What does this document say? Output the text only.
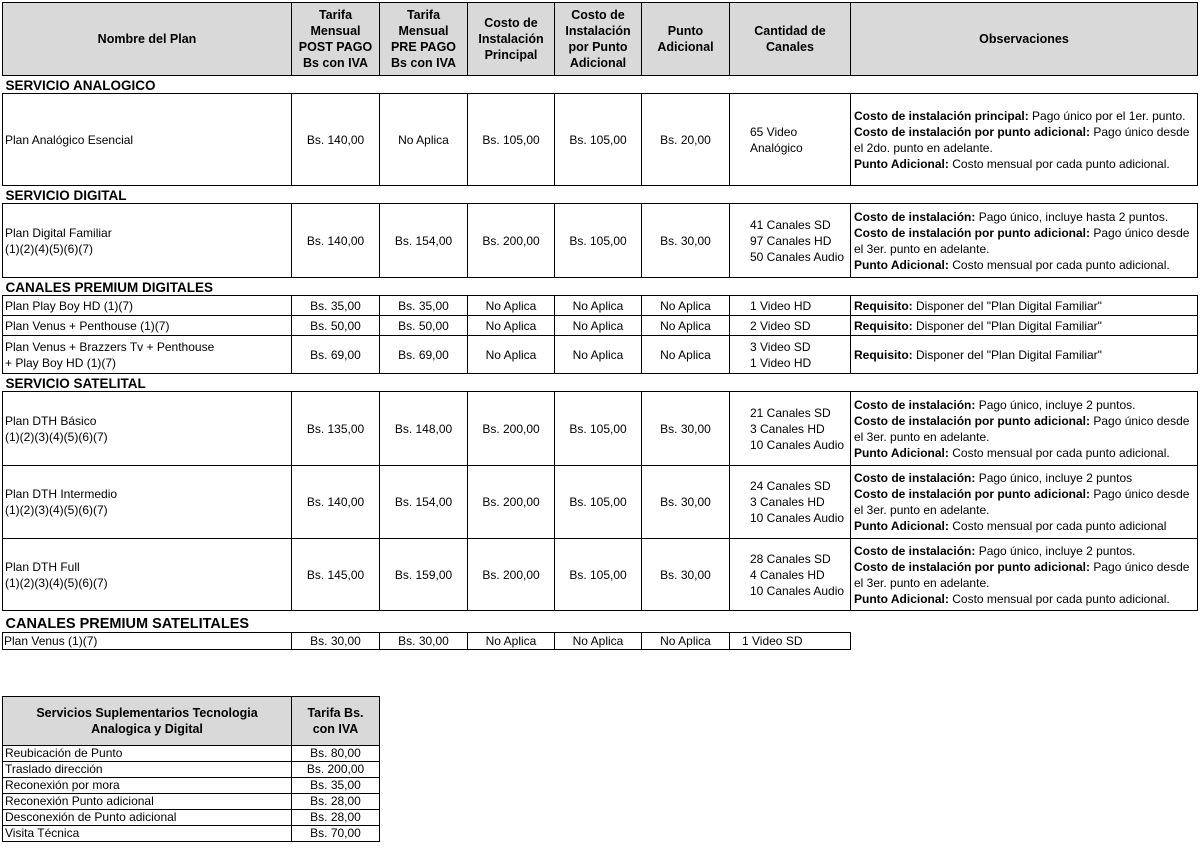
Nombre del Plan	Tarifa
Mensual
POST PAGO
Bs con IVA	Tarifa
Mensual
PRE PAGO
Bs con IVA	Costo de
Instalación
Principal	Costo de
Instalación
por Punto
Adicional	Punto
Adicional	Cantidad de
Canales	Observaciones
SERVICIO ANALOGICO							
Plan Analógico Esencial	Bs. 140,00	No Aplica	Bs. 105,00	Bs. 105,00	Bs. 20,00	65 Video
Analógico	Costo de instalación principal: Pago único por el 1er. punto.
Costo de instalación por punto adicional: Pago único desde el 2do. punto en adelante.
Punto Adicional: Costo mensual por cada punto adicional.
SERVICIO DIGITAL							
Plan Digital Familiar
(1)(2)(4)(5)(6)(7)	Bs. 140,00	Bs. 154,00	Bs. 200,00	Bs. 105,00	Bs. 30,00	41 Canales SD
97 Canales HD
50 Canales Audio	Costo de instalación: Pago único, incluye hasta 2 puntos.
Costo de instalación por punto adicional: Pago único desde el 3er. punto en adelante.
Punto Adicional: Costo mensual por cada punto adicional.
CANALES PREMIUM DIGITALES							
Plan Play Boy HD (1)(7)	Bs. 35,00	Bs. 35,00	No Aplica	No Aplica	No Aplica	1 Video HD	Requisito: Disponer del "Plan Digital Familiar"
Plan Venus + Penthouse (1)(7)	Bs. 50,00	Bs. 50,00	No Aplica	No Aplica	No Aplica	2 Video SD	Requisito: Disponer del "Plan Digital Familiar"
Plan Venus + Brazzers Tv + Penthouse
+ Play Boy HD (1)(7)	Bs. 69,00	Bs. 69,00	No Aplica	No Aplica	No Aplica	3 Video SD
1 Video HD	Requisito: Disponer del "Plan Digital Familiar"
SERVICIO SATELITAL							
Plan DTH Básico
(1)(2)(3)(4)(5)(6)(7)	Bs. 135,00	Bs. 148,00	Bs. 200,00	Bs. 105,00	Bs. 30,00	21 Canales SD
3 Canales HD
10 Canales Audio	Costo de instalación: Pago único, incluye 2 puntos.
Costo de instalación por punto adicional: Pago único desde el 3er. punto en adelante.
Punto Adicional: Costo mensual por cada punto adicional.
Plan DTH Intermedio
(1)(2)(3)(4)(5)(6)(7)	Bs. 140,00	Bs. 154,00	Bs. 200,00	Bs. 105,00	Bs. 30,00	24 Canales SD
3 Canales HD
10 Canales Audio	Costo de instalación: Pago único, incluye 2 puntos
Costo de instalación por punto adicional: Pago único desde el 3er. punto en adelante.
Punto Adicional: Costo mensual por cada punto adicional
Plan DTH Full
(1)(2)(3)(4)(5)(6)(7)	Bs. 145,00	Bs. 159,00	Bs. 200,00	Bs. 105,00	Bs. 30,00	28 Canales SD
4 Canales HD
10 Canales Audio	Costo de instalación: Pago único, incluye 2 puntos.
Costo de instalación por punto adicional: Pago único desde el 3er. punto en adelante.
Punto Adicional: Costo mensual por cada punto adicional.
CANALES PREMIUM SATELITALES							
Plan Venus (1)(7)	Bs. 30,00	Bs. 30,00	No Aplica	No Aplica	No Aplica	1 Video SD	
Servicios Suplementarios Tecnologia
Analogica y Digital	Tarifa Bs.
con IVA
Reubicación de Punto	Bs. 80,00
Traslado dirección	Bs. 200,00
Reconexión por mora	Bs. 35,00
Reconexión Punto adicional	Bs. 28,00
Desconexión de Punto adicional	Bs. 28,00
Visita Técnica	Bs. 70,00
